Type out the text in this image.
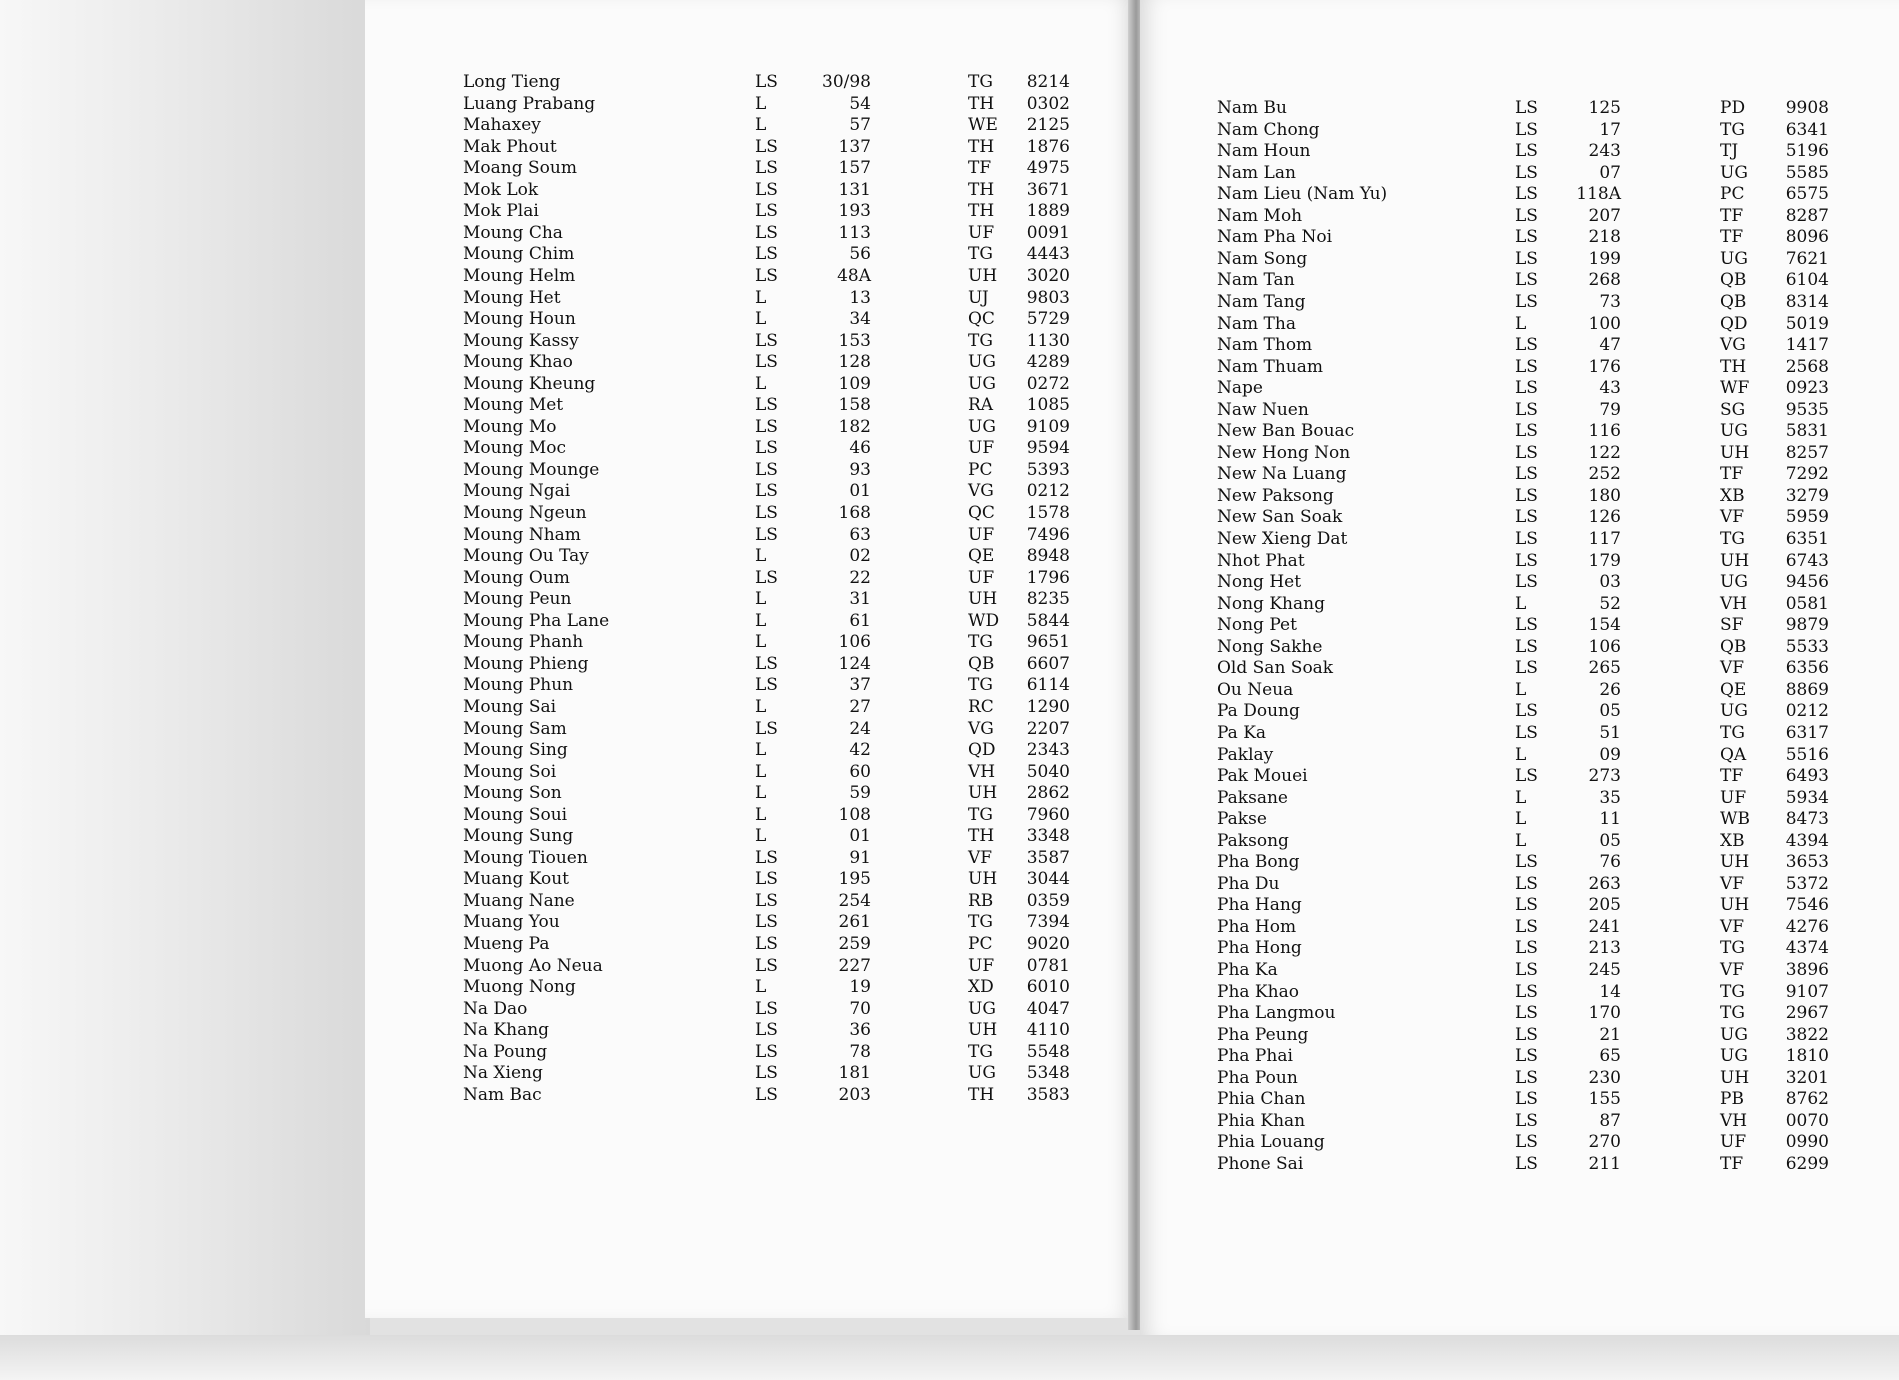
Long Tieng	LS	30/98	TG	8214
Luang Prabang	L	54	TH	0302
Mahaxey	L	57	WE	2125
Mak Phout	LS	137	TH	1876
Moang Soum	LS	157	TF	4975
Mok Lok	LS	131	TH	3671
Mok Plai	LS	193	TH	1889
Moung Cha	LS	113	UF	0091
Moung Chim	LS	56	TG	4443
Moung Helm	LS	48A	UH	3020
Moung Het	L	13	UJ	9803
Moung Houn	L	34	QC	5729
Moung Kassy	LS	153	TG	1130
Moung Khao	LS	128	UG	4289
Moung Kheung	L	109	UG	0272
Moung Met	LS	158	RA	1085
Moung Mo	LS	182	UG	9109
Moung Moc	LS	46	UF	9594
Moung Mounge	LS	93	PC	5393
Moung Ngai	LS	01	VG	0212
Moung Ngeun	LS	168	QC	1578
Moung Nham	LS	63	UF	7496
Moung Ou Tay	L	02	QE	8948
Moung Oum	LS	22	UF	1796
Moung Peun	L	31	UH	8235
Moung Pha Lane	L	61	WD	5844
Moung Phanh	L	106	TG	9651
Moung Phieng	LS	124	QB	6607
Moung Phun	LS	37	TG	6114
Moung Sai	L	27	RC	1290
Moung Sam	LS	24	VG	2207
Moung Sing	L	42	QD	2343
Moung Soi	L	60	VH	5040
Moung Son	L	59	UH	2862
Moung Soui	L	108	TG	7960
Moung Sung	L	01	TH	3348
Moung Tiouen	LS	91	VF	3587
Muang Kout	LS	195	UH	3044
Muang Nane	LS	254	RB	0359
Muang You	LS	261	TG	7394
Mueng Pa	LS	259	PC	9020
Muong Ao Neua	LS	227	UF	0781
Muong Nong	L	19	XD	6010
Na Dao	LS	70	UG	4047
Na Khang	LS	36	UH	4110
Na Poung	LS	78	TG	5548
Na Xieng	LS	181	UG	5348
Nam Bac	LS	203	TH	3583
Nam Bu	LS	125	PD	9908
Nam Chong	LS	17	TG	6341
Nam Houn	LS	243	TJ	5196
Nam Lan	LS	07	UG	5585
Nam Lieu (Nam Yu)	LS	118A	PC	6575
Nam Moh	LS	207	TF	8287
Nam Pha Noi	LS	218	TF	8096
Nam Song	LS	199	UG	7621
Nam Tan	LS	268	QB	6104
Nam Tang	LS	73	QB	8314
Nam Tha	L	100	QD	5019
Nam Thom	LS	47	VG	1417
Nam Thuam	LS	176	TH	2568
Nape	LS	43	WF	0923
Naw Nuen	LS	79	SG	9535
New Ban Bouac	LS	116	UG	5831
New Hong Non	LS	122	UH	8257
New Na Luang	LS	252	TF	7292
New Paksong	LS	180	XB	3279
New San Soak	LS	126	VF	5959
New Xieng Dat	LS	117	TG	6351
Nhot Phat	LS	179	UH	6743
Nong Het	LS	03	UG	9456
Nong Khang	L	52	VH	0581
Nong Pet	LS	154	SF	9879
Nong Sakhe	LS	106	QB	5533
Old San Soak	LS	265	VF	6356
Ou Neua	L	26	QE	8869
Pa Doung	LS	05	UG	0212
Pa Ka	LS	51	TG	6317
Paklay	L	09	QA	5516
Pak Mouei	LS	273	TF	6493
Paksane	L	35	UF	5934
Pakse	L	11	WB	8473
Paksong	L	05	XB	4394
Pha Bong	LS	76	UH	3653
Pha Du	LS	263	VF	5372
Pha Hang	LS	205	UH	7546
Pha Hom	LS	241	VF	4276
Pha Hong	LS	213	TG	4374
Pha Ka	LS	245	VF	3896
Pha Khao	LS	14	TG	9107
Pha Langmou	LS	170	TG	2967
Pha Peung	LS	21	UG	3822
Pha Phai	LS	65	UG	1810
Pha Poun	LS	230	UH	3201
Phia Chan	LS	155	PB	8762
Phia Khan	LS	87	VH	0070
Phia Louang	LS	270	UF	0990
Phone Sai	LS	211	TF	6299
